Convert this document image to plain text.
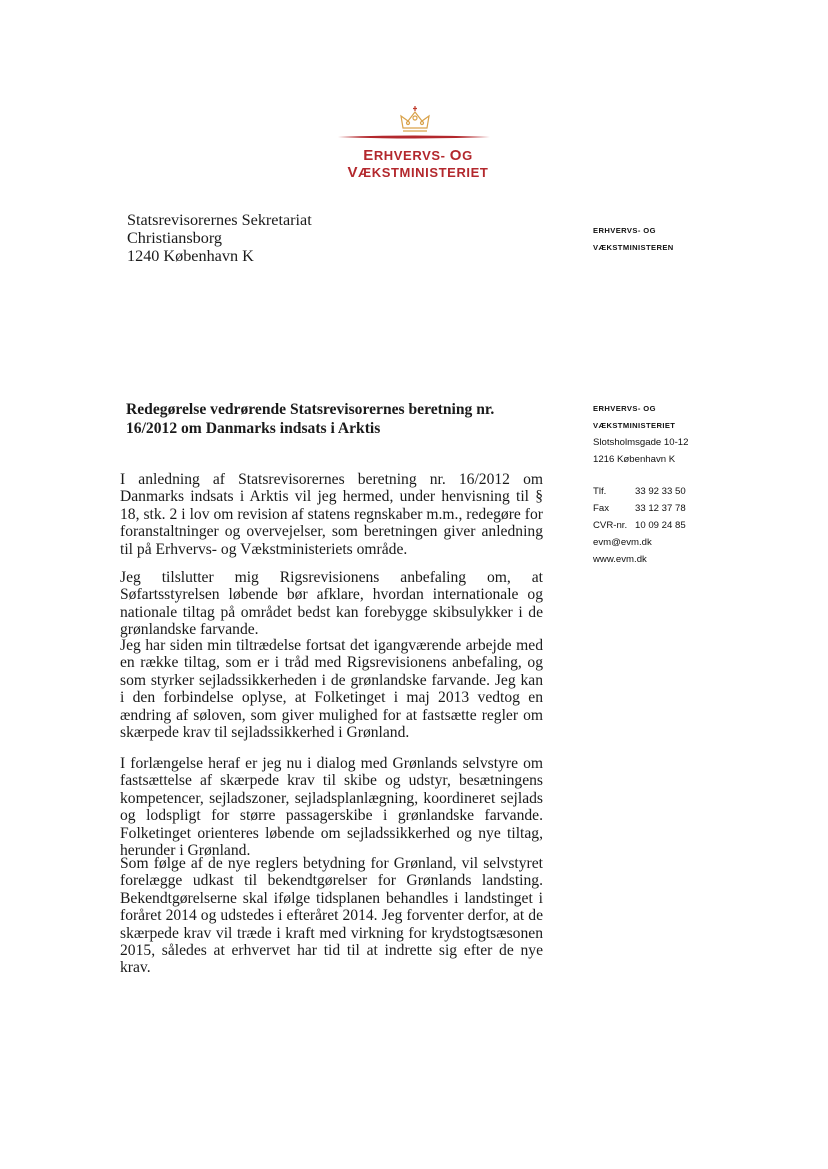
ERHVERVS- OG VÆKSTMINISTERIET
Statsrevisorernes Sekretariat
Christiansborg
1240 København K
ERHVERVS- OG
VÆKSTMINISTEREN
ERHVERVS- OG
VÆKSTMINISTERIET
Slotsholmsgade 10-12
1216 København K
Tlf.	33 92 33 50
Fax	33 12 37 78
CVR-nr. 10 09 24 85
evm@evm.dk
www.evm.dk
Redegørelse vedrørende Statsrevisorernes beretning nr. 16/2012 om Danmarks indsats i Arktis
I anledning af Statsrevisorernes beretning nr. 16/2012 om Danmarks indsats i Arktis vil jeg hermed, under henvisning til § 18, stk. 2 i lov om revision af statens regnskaber m.m., redegøre for foranstaltninger og overvejelser, som beretningen giver anledning til på Erhvervs- og Vækstministeriets område.
Jeg tilslutter mig Rigsrevisionens anbefaling om, at Søfartsstyrelsen løbende bør afklare, hvordan internationale og nationale tiltag på området bedst kan forebygge skibsulykker i de grønlandske farvande.
Jeg har siden min tiltrædelse fortsat det igangværende arbejde med en række tiltag, som er i tråd med Rigsrevisionens anbefaling, og som styrker sejladssikkerheden i de grønlandske farvande. Jeg kan i den forbindelse oplyse, at Folketinget i maj 2013 vedtog en ændring af søloven, som giver mulighed for at fastsætte regler om skærpede krav til sejladssikkerhed i Grønland.
I forlængelse heraf er jeg nu i dialog med Grønlands selvstyre om fastsættelse af skærpede krav til skibe og udstyr, besætningens kompetencer, sejladszoner, sejladsplanlægning, koordineret sejlads og lodspligt for større passagerskibe i grønlandske farvande. Folketinget orienteres løbende om sejladssikkerhed og nye tiltag, herunder i Grønland.
Som følge af de nye reglers betydning for Grønland, vil selvstyret forelægge udkast til bekendtgørelser for Grønlands landsting. Bekendtgørelserne skal ifølge tidsplanen behandles i landstinget i foråret 2014 og udstedes i efteråret 2014. Jeg forventer derfor, at de skærpede krav vil træde i kraft med virkning for krydstogtsæsonen 2015, således at erhvervet har tid til at indrette sig efter de nye krav.
